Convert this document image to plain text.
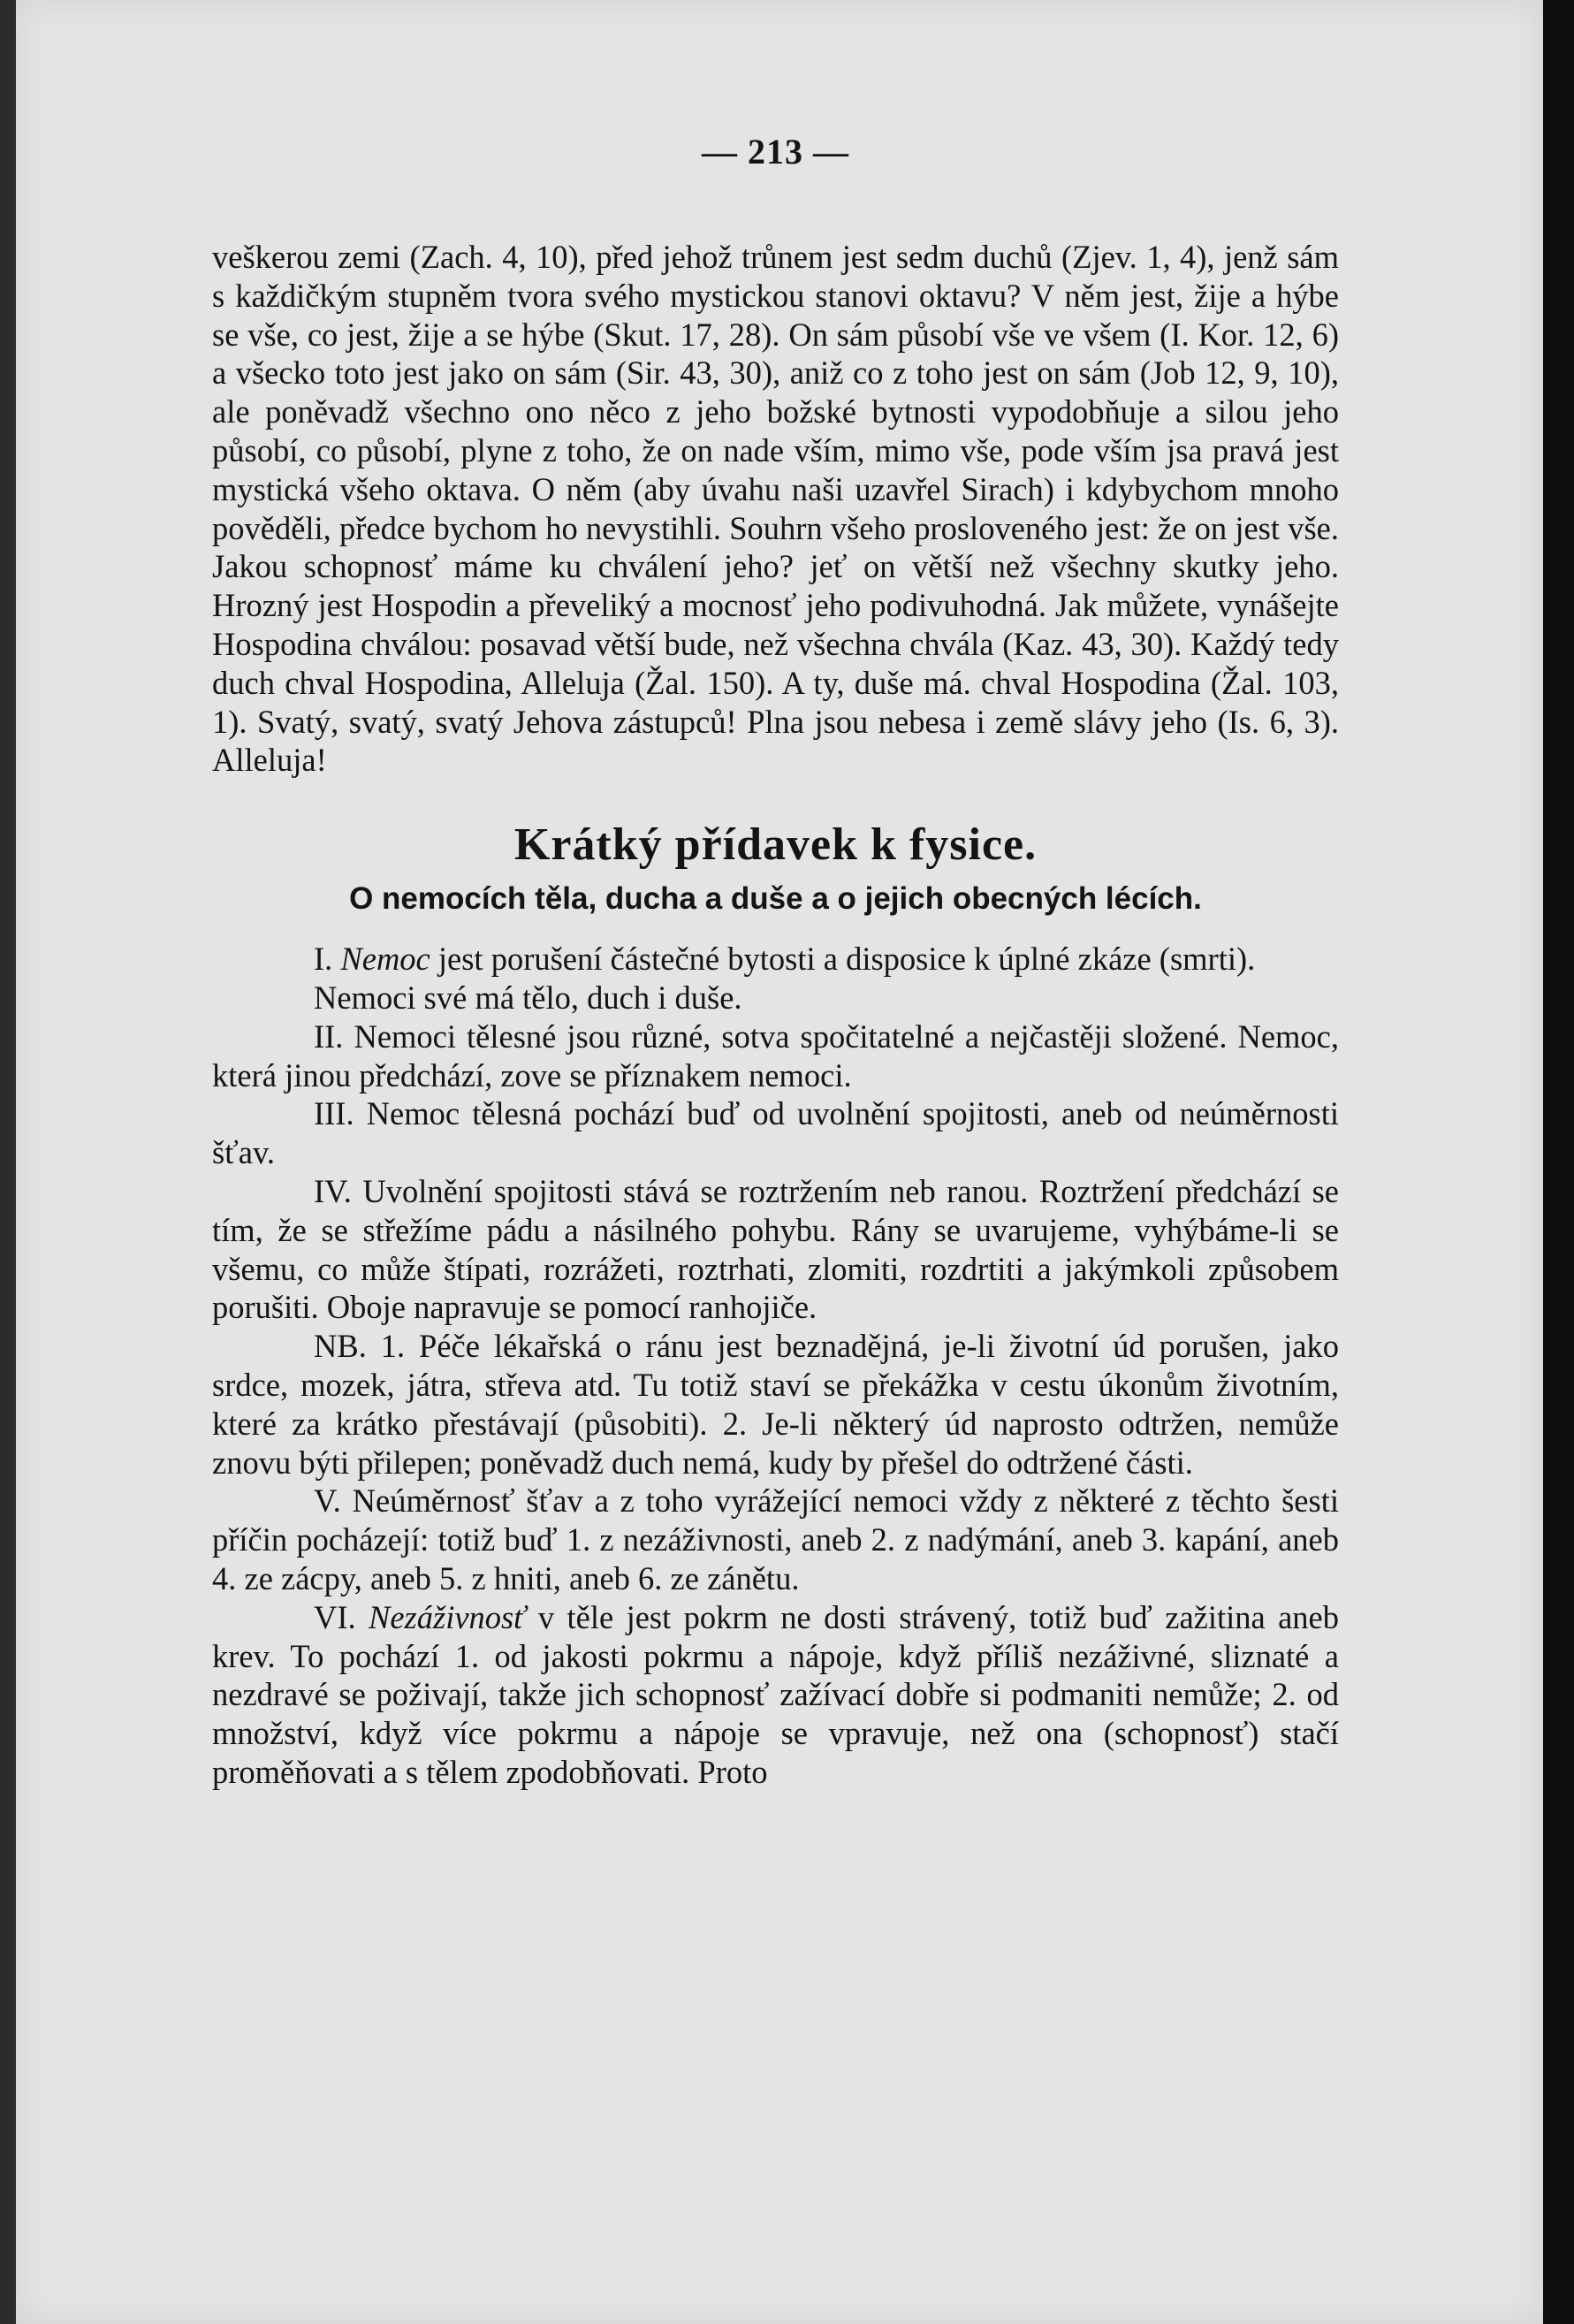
— 213 —

veškerou zemi (Zach. 4, 10), před jehož trůnem jest sedm duchů (Zjev. 1, 4), jenž sám s každičkým stupněm tvora svého mystickou stanovi oktavu? V něm jest, žije a hýbe se vše, co jest, žije a se hýbe (Skut. 17, 28). On sám působí vše ve všem (I. Kor. 12, 6) a všecko toto jest jako on sám (Sir. 43, 30), aniž co z toho jest on sám (Job 12, 9, 10), ale poněvadž všechno ono něco z jeho božské bytnosti vypodobňuje a silou jeho působí, co působí, plyne z toho, že on nade vším, mimo vše, pode vším jsa pravá jest mystická všeho oktava. O něm (aby úvahu naši uzavřel Sirach) i kdybychom mnoho pověděli, předce bychom ho nevystihli. Souhrn všeho prosloveného jest: že on jest vše. Jakou schopnosť máme ku chválení jeho? jeť on větší než všechny skutky jeho. Hrozný jest Hospodin a převeliký a mocnosť jeho podivuhodná. Jak můžete, vynášejte Hospodina chválou: posavad větší bude, než všechna chvála (Kaz. 43, 30). Každý tedy duch chval Hospodina, Alleluja (Žal. 150). A ty, duše má. chval Hospodina (Žal. 103, 1). Svatý, svatý, svatý Jehova zástupců! Plna jsou nebesa i země slávy jeho (Is. 6, 3). Alleluja!

Krátký přídavek k fysice.
O nemocích těla, ducha a duše a o jejich obecných lécích.

I. Nemoc jest porušení částečné bytosti a disposice k úplné zkáze (smrti).

Nemoci své má tělo, duch i duše.

II. Nemoci tělesné jsou různé, sotva spočitatelné a nejčastěji složené. Nemoc, která jinou předchází, zove se příznakem nemoci.

III. Nemoc tělesná pochází buď od uvolnění spojitosti, aneb od neúměrnosti šťav.

IV. Uvolnění spojitosti stává se roztržením neb ranou. Roztržení předchází se tím, že se střežíme pádu a násilného pohybu. Rány se uvarujeme, vyhýbáme-li se všemu, co může štípati, rozrážeti, roztrhati, zlomiti, rozdrtiti a jakýmkoli způsobem porušiti. Oboje napravuje se pomocí ranhojiče.

NB. 1. Péče lékařská o ránu jest beznadějná, je-li životní úd porušen, jako srdce, mozek, játra, střeva atd. Tu totiž staví se překážka v cestu úkonům životním, které za krátko přestávají (působiti). 2. Je-li některý úd naprosto odtržen, nemůže znovu býti přilepen; poněvadž duch nemá, kudy by přešel do odtržené části.

V. Neúměrnosť šťav a z toho vyrážející nemoci vždy z některé z těchto šesti příčin pocházejí: totiž buď 1. z nezáživnosti, aneb 2. z nadýmání, aneb 3. kapání, aneb 4. ze zácpy, aneb 5. z hniti, aneb 6. ze zánětu.

VI. Nezáživnosť v těle jest pokrm ne dosti strávený, totiž buď zažitina aneb krev. To pochází 1. od jakosti pokrmu a nápoje, když příliš nezáživné, sliznaté a nezdravé se poživají, takže jich schopnosť zažívací dobře si podmaniti nemůže; 2. od množství, když více pokrmu a nápoje se vpravuje, než ona (schopnosť) stačí proměňovati a s tělem zpodobňovati. Proto
